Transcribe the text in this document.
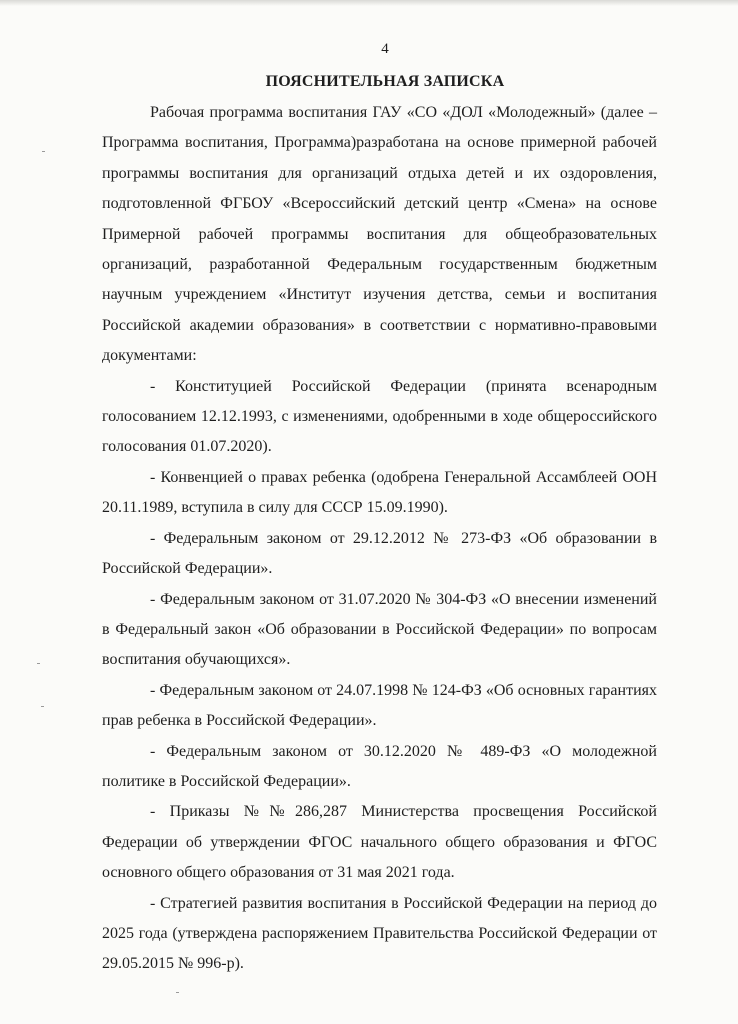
4
ПОЯСНИТЕЛЬНАЯ ЗАПИСКА

Рабочая программа воспитания ГАУ «СО «ДОЛ «Молодежный» (далее – Программа воспитания, Программа)разработана на основе примерной рабочей программы воспитания для организаций отдыха детей и их оздоровления, подготовленной ФГБОУ «Всероссийский детский центр «Смена» на основе Примерной рабочей программы воспитания для общеобразовательных организаций, разработанной Федеральным государственным бюджетным научным учреждением «Институт изучения детства, семьи и воспитания Российской академии образования» в соответствии с нормативно-правовыми документами:

- Конституцией Российской Федерации (принята всенародным голосованием 12.12.1993, с изменениями, одобренными в ходе общероссийского голосования 01.07.2020).

- Конвенцией о правах ребенка (одобрена Генеральной Ассамблеей ООН 20.11.1989, вступила в силу для СССР 15.09.1990).

- Федеральным законом от 29.12.2012 № 273-ФЗ «Об образовании в Российской Федерации».

- Федеральным законом от 31.07.2020 № 304-ФЗ «О внесении изменений в Федеральный закон «Об образовании в Российской Федерации» по вопросам воспитания обучающихся».

- Федеральным законом от 24.07.1998 № 124-ФЗ «Об основных гарантиях прав ребенка в Российской Федерации».

- Федеральным законом от 30.12.2020 № 489-ФЗ «О молодежной политике в Российской Федерации».

- Приказы №№286,287 Министерства просвещения Российской Федерации об утверждении ФГОС начального общего образования и ФГОС основного общего образования от 31 мая 2021 года.

- Стратегией развития воспитания в Российской Федерации на период до 2025 года (утверждена распоряжением Правительства Российской Федерации от 29.05.2015 № 996-р).
